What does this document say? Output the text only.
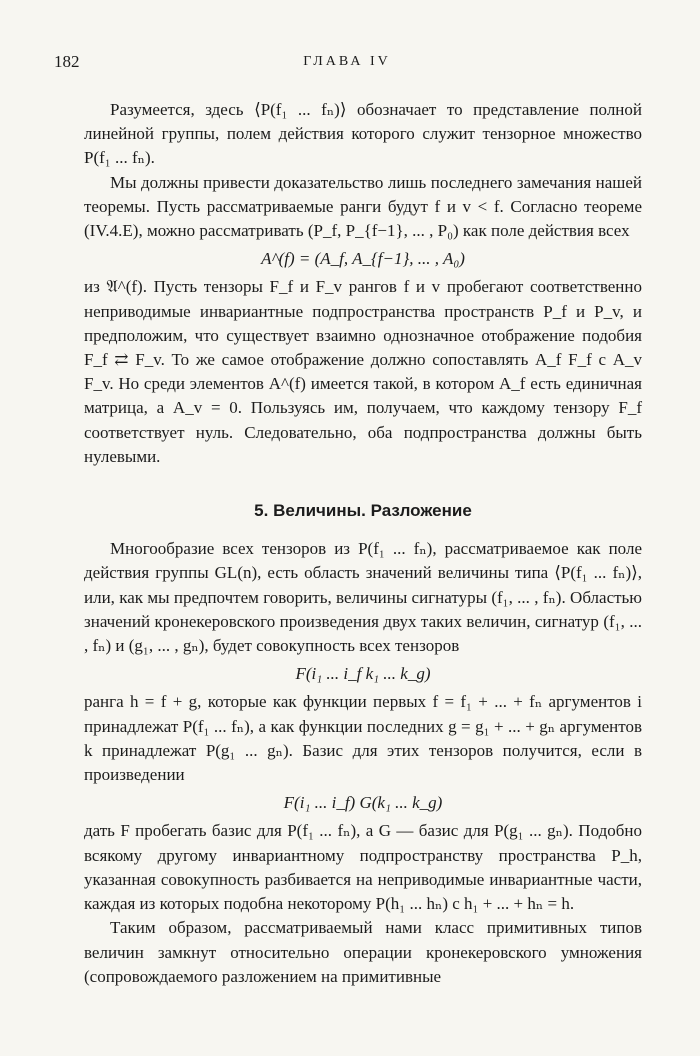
182	ГЛАВА IV

Разумеется, здесь ⟨P(f₁ ... fₙ)⟩ обозначает то представление полной линейной группы, полем действия которого служит тензорное множество P(f₁ ... fₙ).

Мы должны привести доказательство лишь последнего замечания нашей теоремы. Пусть рассматриваемые ранги будут f и v < f. Согласно теореме (IV.4.E), можно рассматривать (P_f, P_{f−1}, ... , P₀) как поле действия всех

A^(f) = (A_f, A_{f−1}, ... , A₀)

из 𝔄^(f). Пусть тензоры F_f и F_v рангов f и v пробегают соответственно неприводимые инвариантные подпространства пространств P_f и P_v, и предположим, что существует взаимно однозначное отображение подобия F_f ⇄ F_v. То же самое отображение должно сопоставлять A_f F_f с A_v F_v. Но среди элементов A^(f) имеется такой, в котором A_f есть единичная матрица, а A_v = 0. Пользуясь им, получаем, что каждому тензору F_f соответствует нуль. Следовательно, оба подпространства должны быть нулевыми.

5. Величины. Разложение

Многообразие всех тензоров из P(f₁ ... fₙ), рассматриваемое как поле действия группы GL(n), есть область значений величины типа ⟨P(f₁ ... fₙ)⟩, или, как мы предпочтем говорить, величины сигнатуры (f₁, ... , fₙ). Областью значений кронекеровского произведения двух таких величин, сигнатур (f₁, ... , fₙ) и (g₁, ... , gₙ), будет совокупность всех тензоров

F(i₁ ... i_f k₁ ... k_g)

ранга h = f + g, которые как функции первых f = f₁ + ... + fₙ аргументов i принадлежат P(f₁ ... fₙ), а как функции последних g = g₁ + ... + gₙ аргументов k принадлежат P(g₁ ... gₙ). Базис для этих тензоров получится, если в произведении

F(i₁ ... i_f) G(k₁ ... k_g)

дать F пробегать базис для P(f₁ ... fₙ), а G — базис для P(g₁ ... gₙ). Подобно всякому другому инвариантному подпространству пространства P_h, указанная совокупность разбивается на неприводимые инвариантные части, каждая из которых подобна некоторому P(h₁ ... hₙ) с h₁ + ... + hₙ = h.

Таким образом, рассматриваемый нами класс примитивных типов величин замкнут относительно операции кронекеровского умножения (сопровождаемого разложением на примитивные
